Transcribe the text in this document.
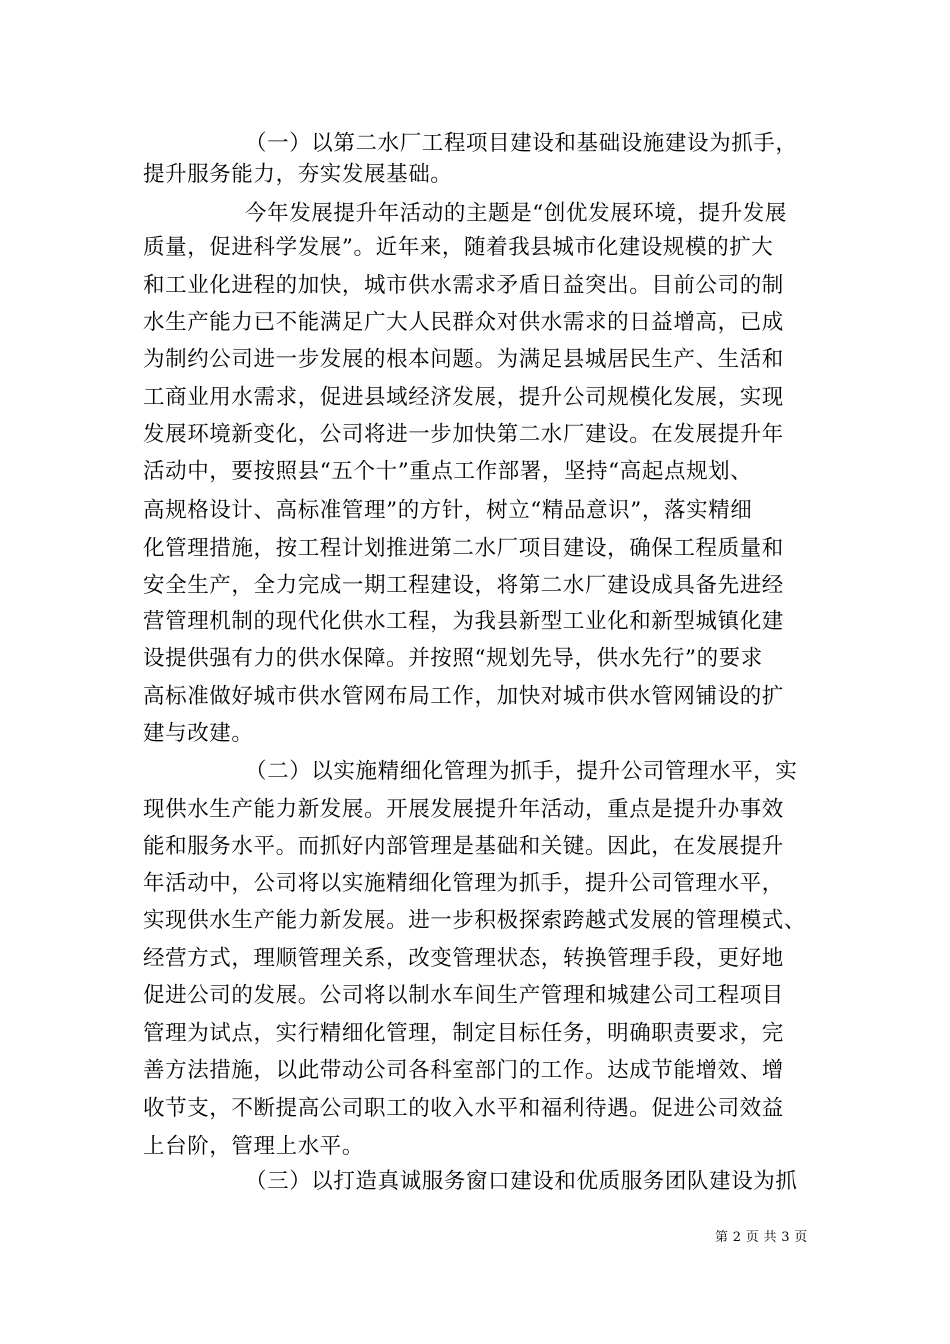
（一）以第二水厂工程项目建设和基础设施建设为抓手，
提升服务能力，夯实发展基础。
今年发展提升年活动的主题是“创优发展环境，提升发展
质量，促进科学发展”。近年来，随着我县城市化建设规模的扩大
和工业化进程的加快，城市供水需求矛盾日益突出。目前公司的制
水生产能力已不能满足广大人民群众对供水需求的日益增高，已成
为制约公司进一步发展的根本问题。为满足县城居民生产、生活和
工商业用水需求，促进县域经济发展，提升公司规模化发展，实现
发展环境新变化，公司将进一步加快第二水厂建设。在发展提升年
活动中，要按照县“五个十”重点工作部署，坚持“高起点规划、
高规格设计、高标准管理”的方针，树立“精品意识”，落实精细
化管理措施，按工程计划推进第二水厂项目建设，确保工程质量和
安全生产，全力完成一期工程建设，将第二水厂建设成具备先进经
营管理机制的现代化供水工程，为我县新型工业化和新型城镇化建
设提供强有力的供水保障。并按照“规划先导，供水先行”的要求
高标准做好城市供水管网布局工作，加快对城市供水管网铺设的扩
建与改建。
（二）以实施精细化管理为抓手，提升公司管理水平，实
现供水生产能力新发展。开展发展提升年活动，重点是提升办事效
能和服务水平。而抓好内部管理是基础和关键。因此，在发展提升
年活动中，公司将以实施精细化管理为抓手，提升公司管理水平，
实现供水生产能力新发展。进一步积极探索跨越式发展的管理模式、
经营方式，理顺管理关系，改变管理状态，转换管理手段，更好地
促进公司的发展。公司将以制水车间生产管理和城建公司工程项目
管理为试点，实行精细化管理，制定目标任务，明确职责要求，完
善方法措施，以此带动公司各科室部门的工作。达成节能增效、增
收节支，不断提高公司职工的收入水平和福利待遇。促进公司效益
上台阶，管理上水平。
（三）以打造真诚服务窗口建设和优质服务团队建设为抓
第 2 页 共 3 页
